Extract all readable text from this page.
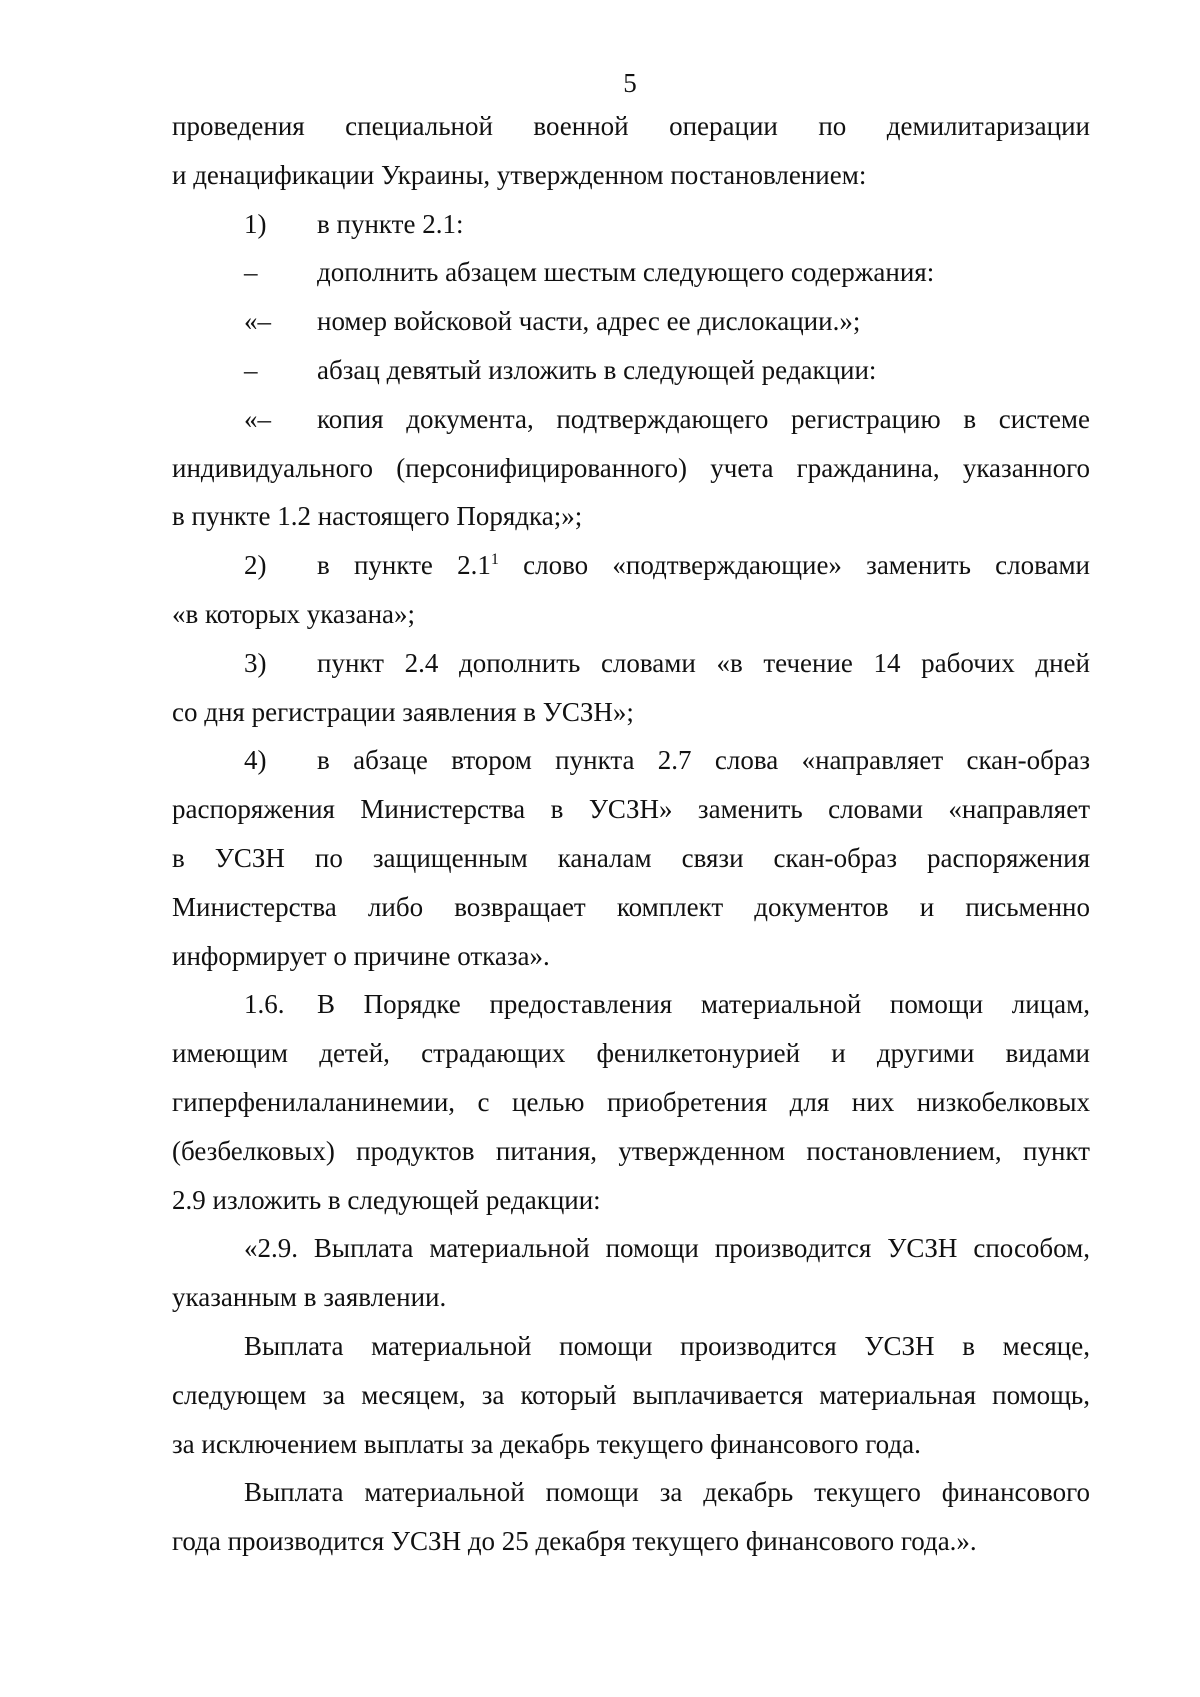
5
проведения специальной военной операции по демилитаризации
и денацификации Украины, утвержденном постановлением:
1)	в пункте 2.1:
–	дополнить абзацем шестым следующего содержания:
«–	номер войсковой части, адрес ее дислокации.»;
–	абзац девятый изложить в следующей редакции:
«–	копия документа, подтверждающего регистрацию в системе
индивидуального (персонифицированного) учета гражданина, указанного
в пункте 1.2 настоящего Порядка;»;
2)	в пункте $2.1^1$ слово «подтверждающие» заменить словами
«в которых указана»;
3)	пункт 2.4 дополнить словами «в течение 14 рабочих дней
со дня регистрации заявления в УСЗН»;
4)	в абзаце втором пункта 2.7 слова «направляет скан-образ
распоряжения Министерства в УСЗН» заменить словами «направляет
в УСЗН по защищенным каналам связи скан-образ распоряжения
Министерства либо возвращает комплект документов и письменно
информирует о причине отказа».
1.6.	В Порядке предоставления материальной помощи лицам,
имеющим детей, страдающих фенилкетонурией и другими видами
гиперфенилаланинемии, с целью приобретения для них низкобелковых
(безбелковых) продуктов питания, утвержденном постановлением, пункт
2.9 изложить в следующей редакции:
«2.9. Выплата материальной помощи производится УСЗН способом,
указанным в заявлении.
Выплата материальной помощи производится УСЗН в месяце,
следующем за месяцем, за который выплачивается материальная помощь,
за исключением выплаты за декабрь текущего финансового года.
Выплата материальной помощи за декабрь текущего финансового
года производится УСЗН до 25 декабря текущего финансового года.».
